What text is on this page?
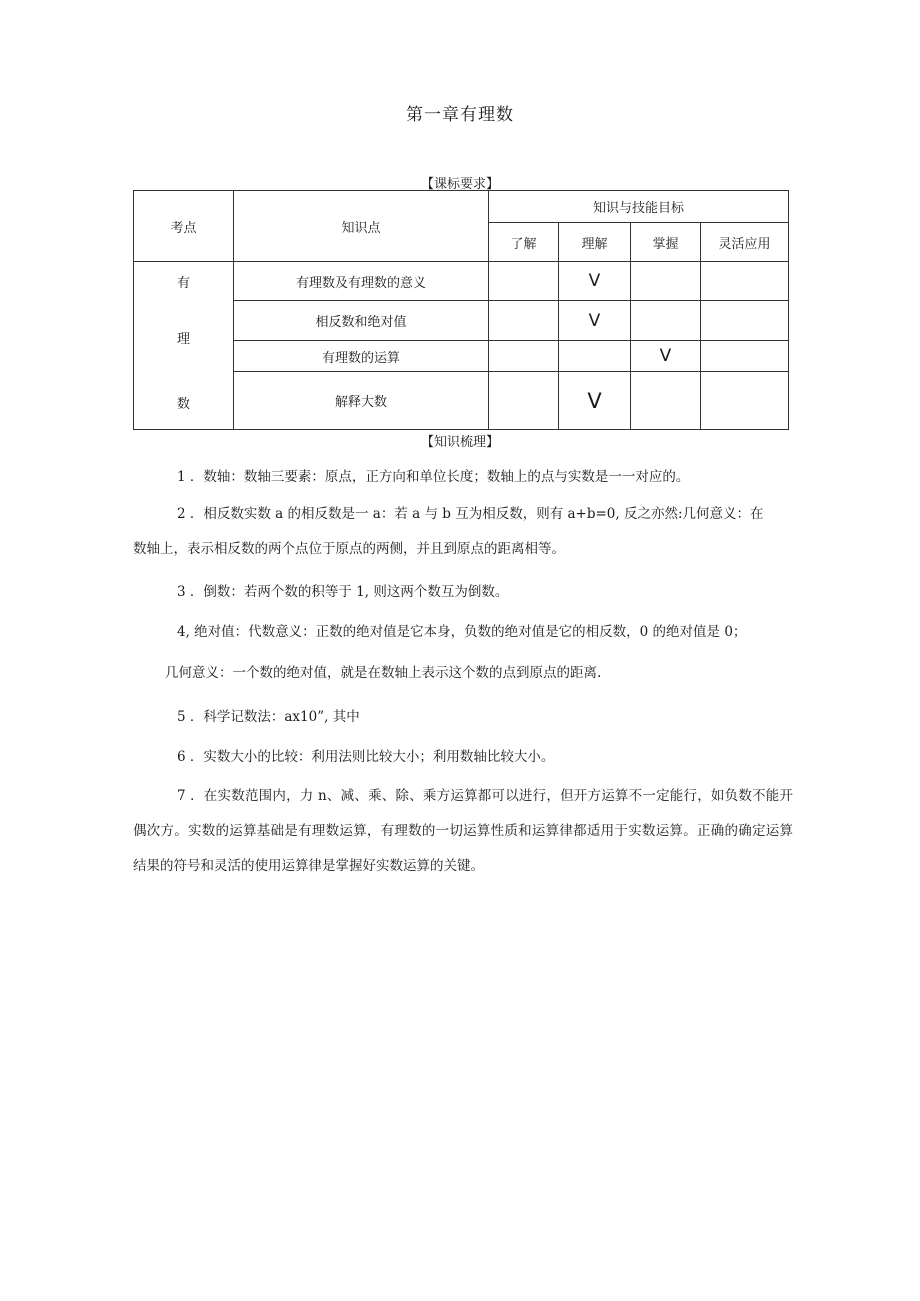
第一章有理数
【课标要求】
考点	知识点	知识与技能目标			
		了解	理解	掌握	灵活应用

有
理
数	有理数及有理数的意义		V		
	相反数和绝对值		V		
	有理数的运算			V	
	解释大数		V		
【知识梳理】

1 ．数轴：数轴三要素：原点，正方向和单位长度；数轴上的点与实数是一一对应的。

2 ．相反数实数 a 的相反数是一 a：若 a 与 b 互为相反数，则有 a+b=0, 反之亦然:几何意义：在

数轴上，表示相反数的两个点位于原点的两侧，并且到原点的距离相等。

3 ．倒数：若两个数的积等于 1, 则这两个数互为倒数。

4, 绝对值：代数意义：正数的绝对值是它本身，负数的绝对值是它的相反数，0 的绝对值是 0；

几何意义：一个数的绝对值，就是在数轴上表示这个数的点到原点的距离.

5 ．科学记数法：ax10”, 其中

6 ．实数大小的比较：利用法则比较大小；利用数轴比较大小。

7 ．在实数范围内，力 n、减、乘、除、乘方运算都可以进行，但开方运算不一定能行，如负数不能开偶次方。实数的运算基础是有理数运算，有理数的一切运算性质和运算律都适用于实数运算。正确的确定运算结果的符号和灵活的使用运算律是掌握好实数运算的关键。
